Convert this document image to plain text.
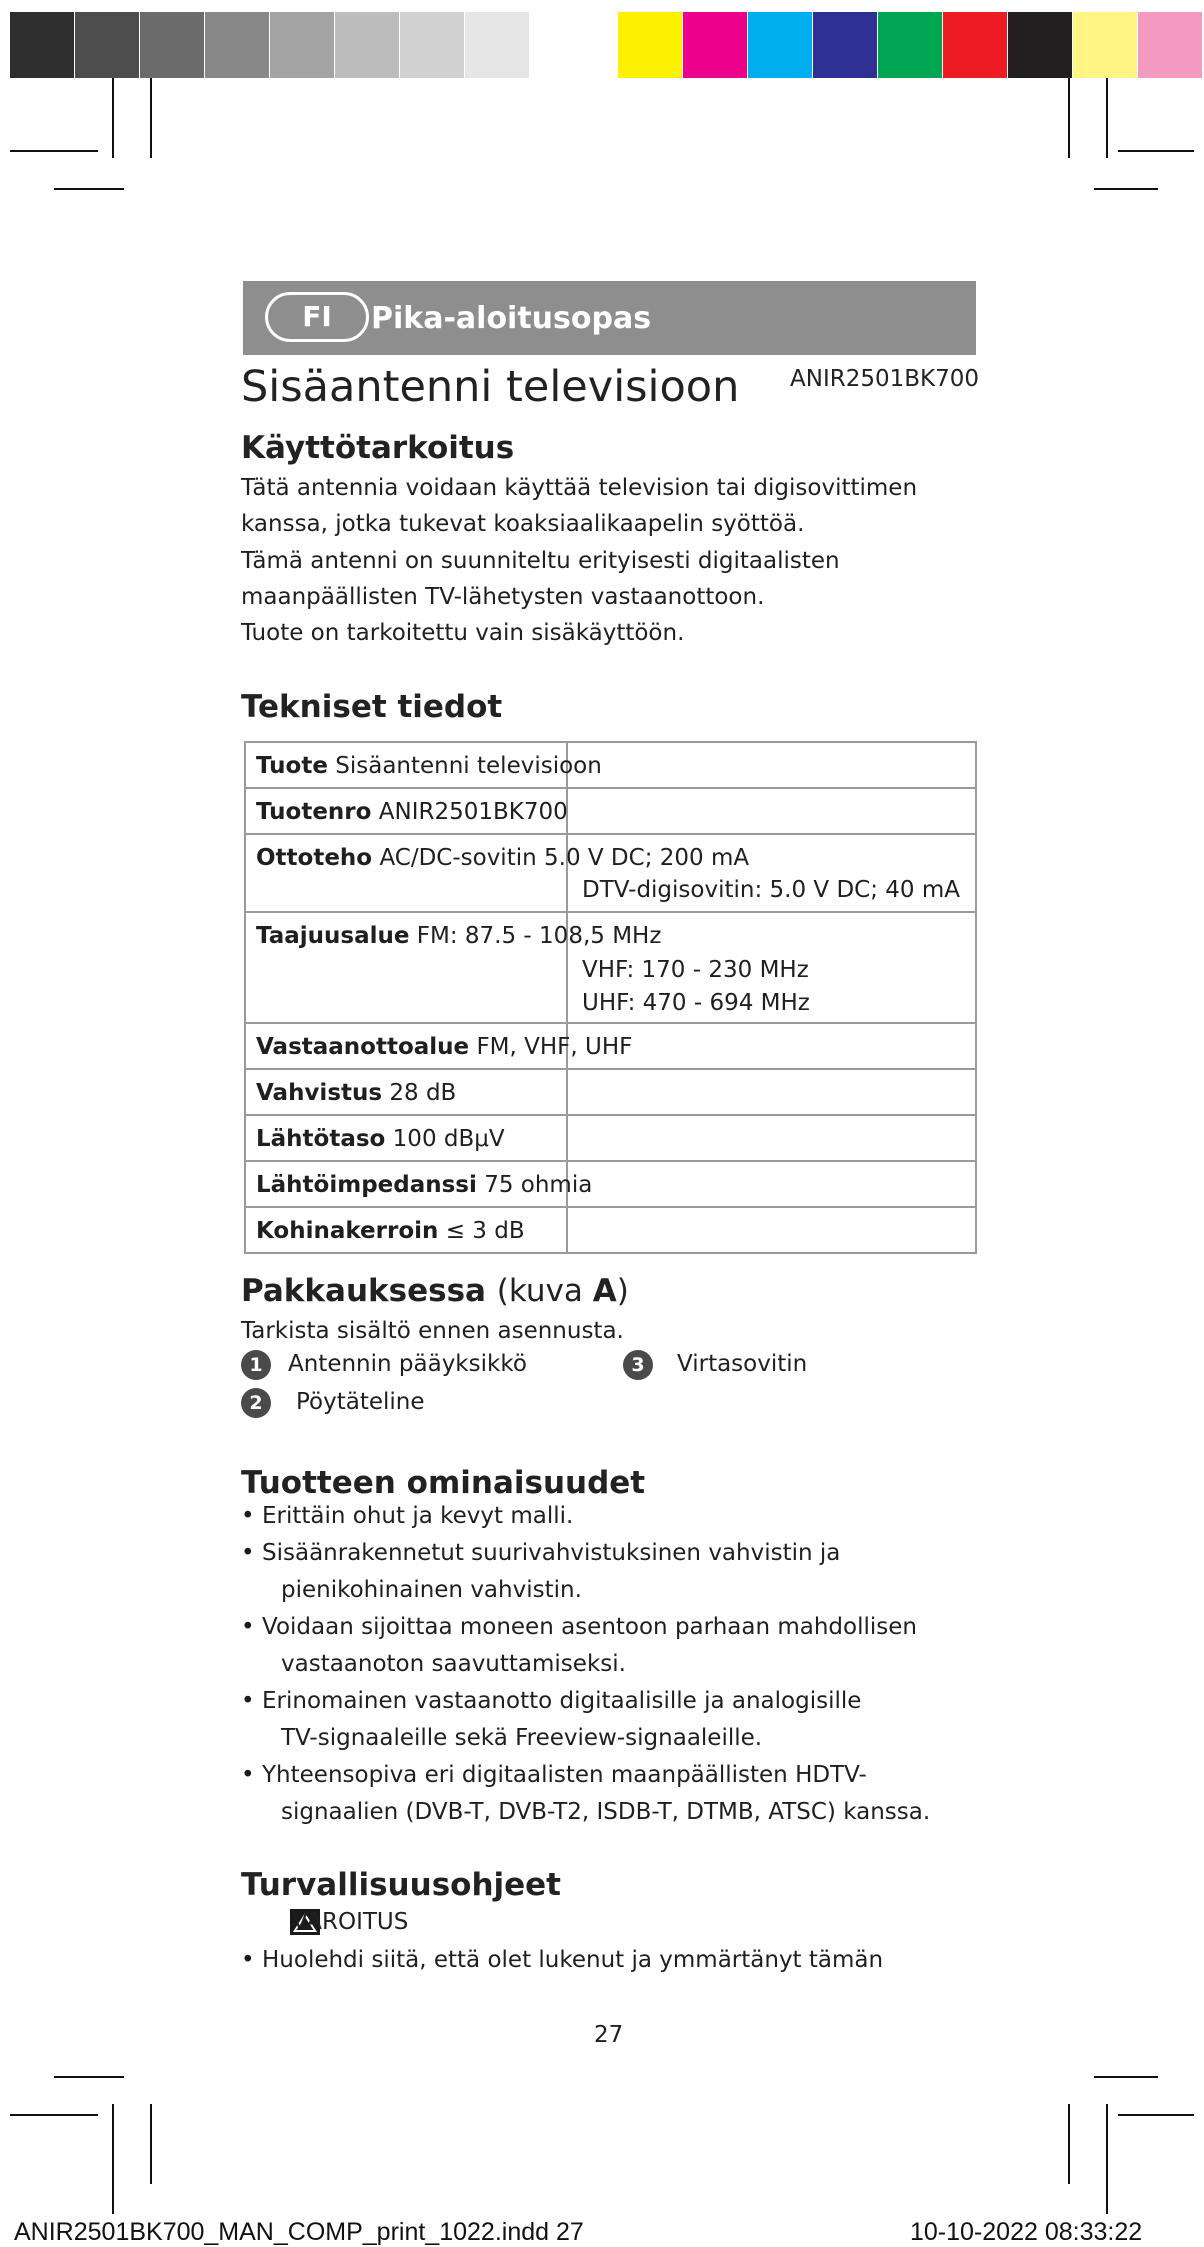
FI	Pika-aloitusopas
Sisäantenni televisioon ANIR2501BK700
Käyttötarkoitus
Tätä antennia voidaan käyttää television tai digisovittimen
kanssa, jotka tukevat koaksiaalikaapelin syöttöä.
Tämä antenni on suunniteltu erityisesti digitaalisten
maanpäällisten TV-lähetysten vastaanottoon.
Tuote on tarkoitettu vain sisäkäyttöön.
Tekniset tiedot
Tuote Sisäantenni televisioon	

Tuotenro ANIR2501BK700	

Ottoteho AC/DC-sovitin 5.0 V DC; 200 mA
DTV-digisovitin: 5.0 V DC; 40 mA	

Taajuusalue FM: 87.5 - 108,5 MHz
VHF: 170 - 230 MHz
UHF: 470 - 694 MHz	

Vastaanottoalue FM, VHF, UHF	

Vahvistus 28 dB	

Lähtötaso 100 dBμV	

Lähtöimpedanssi 75 ohmia	

Kohinakerroin ≤ 3 dB	

Pakkauksessa (kuva A)
Tarkista sisältö ennen asennusta.
1	Antennin pääyksikkö
2	Pöytäteline
3	Virtasovitin
Tuotteen ominaisuudet
• Erittäin ohut ja kevyt malli.
• Sisäänrakennetut suurivahvistuksinen vahvistin ja
pienikohinainen vahvistin.
• Voidaan sijoittaa moneen asentoon parhaan mahdollisen
vastaanoton saavuttamiseksi.
• Erinomainen vastaanotto digitaalisille ja analogisille
TV-signaaleille sekä Freeview-signaaleille.
• Yhteensopiva eri digitaalisten maanpäällisten HDTV-
signaalien (DVB-T, DVB-T2, ISDB-T, DTMB, ATSC) kanssa.
Turvallisuusohjeet
VAROITUS
• Huolehdi siitä, että olet lukenut ja ymmärtänyt tämän
27
ANIR2501BK700_MAN_COMP_print_1022.indd 27	10-10-2022 08:33:22
